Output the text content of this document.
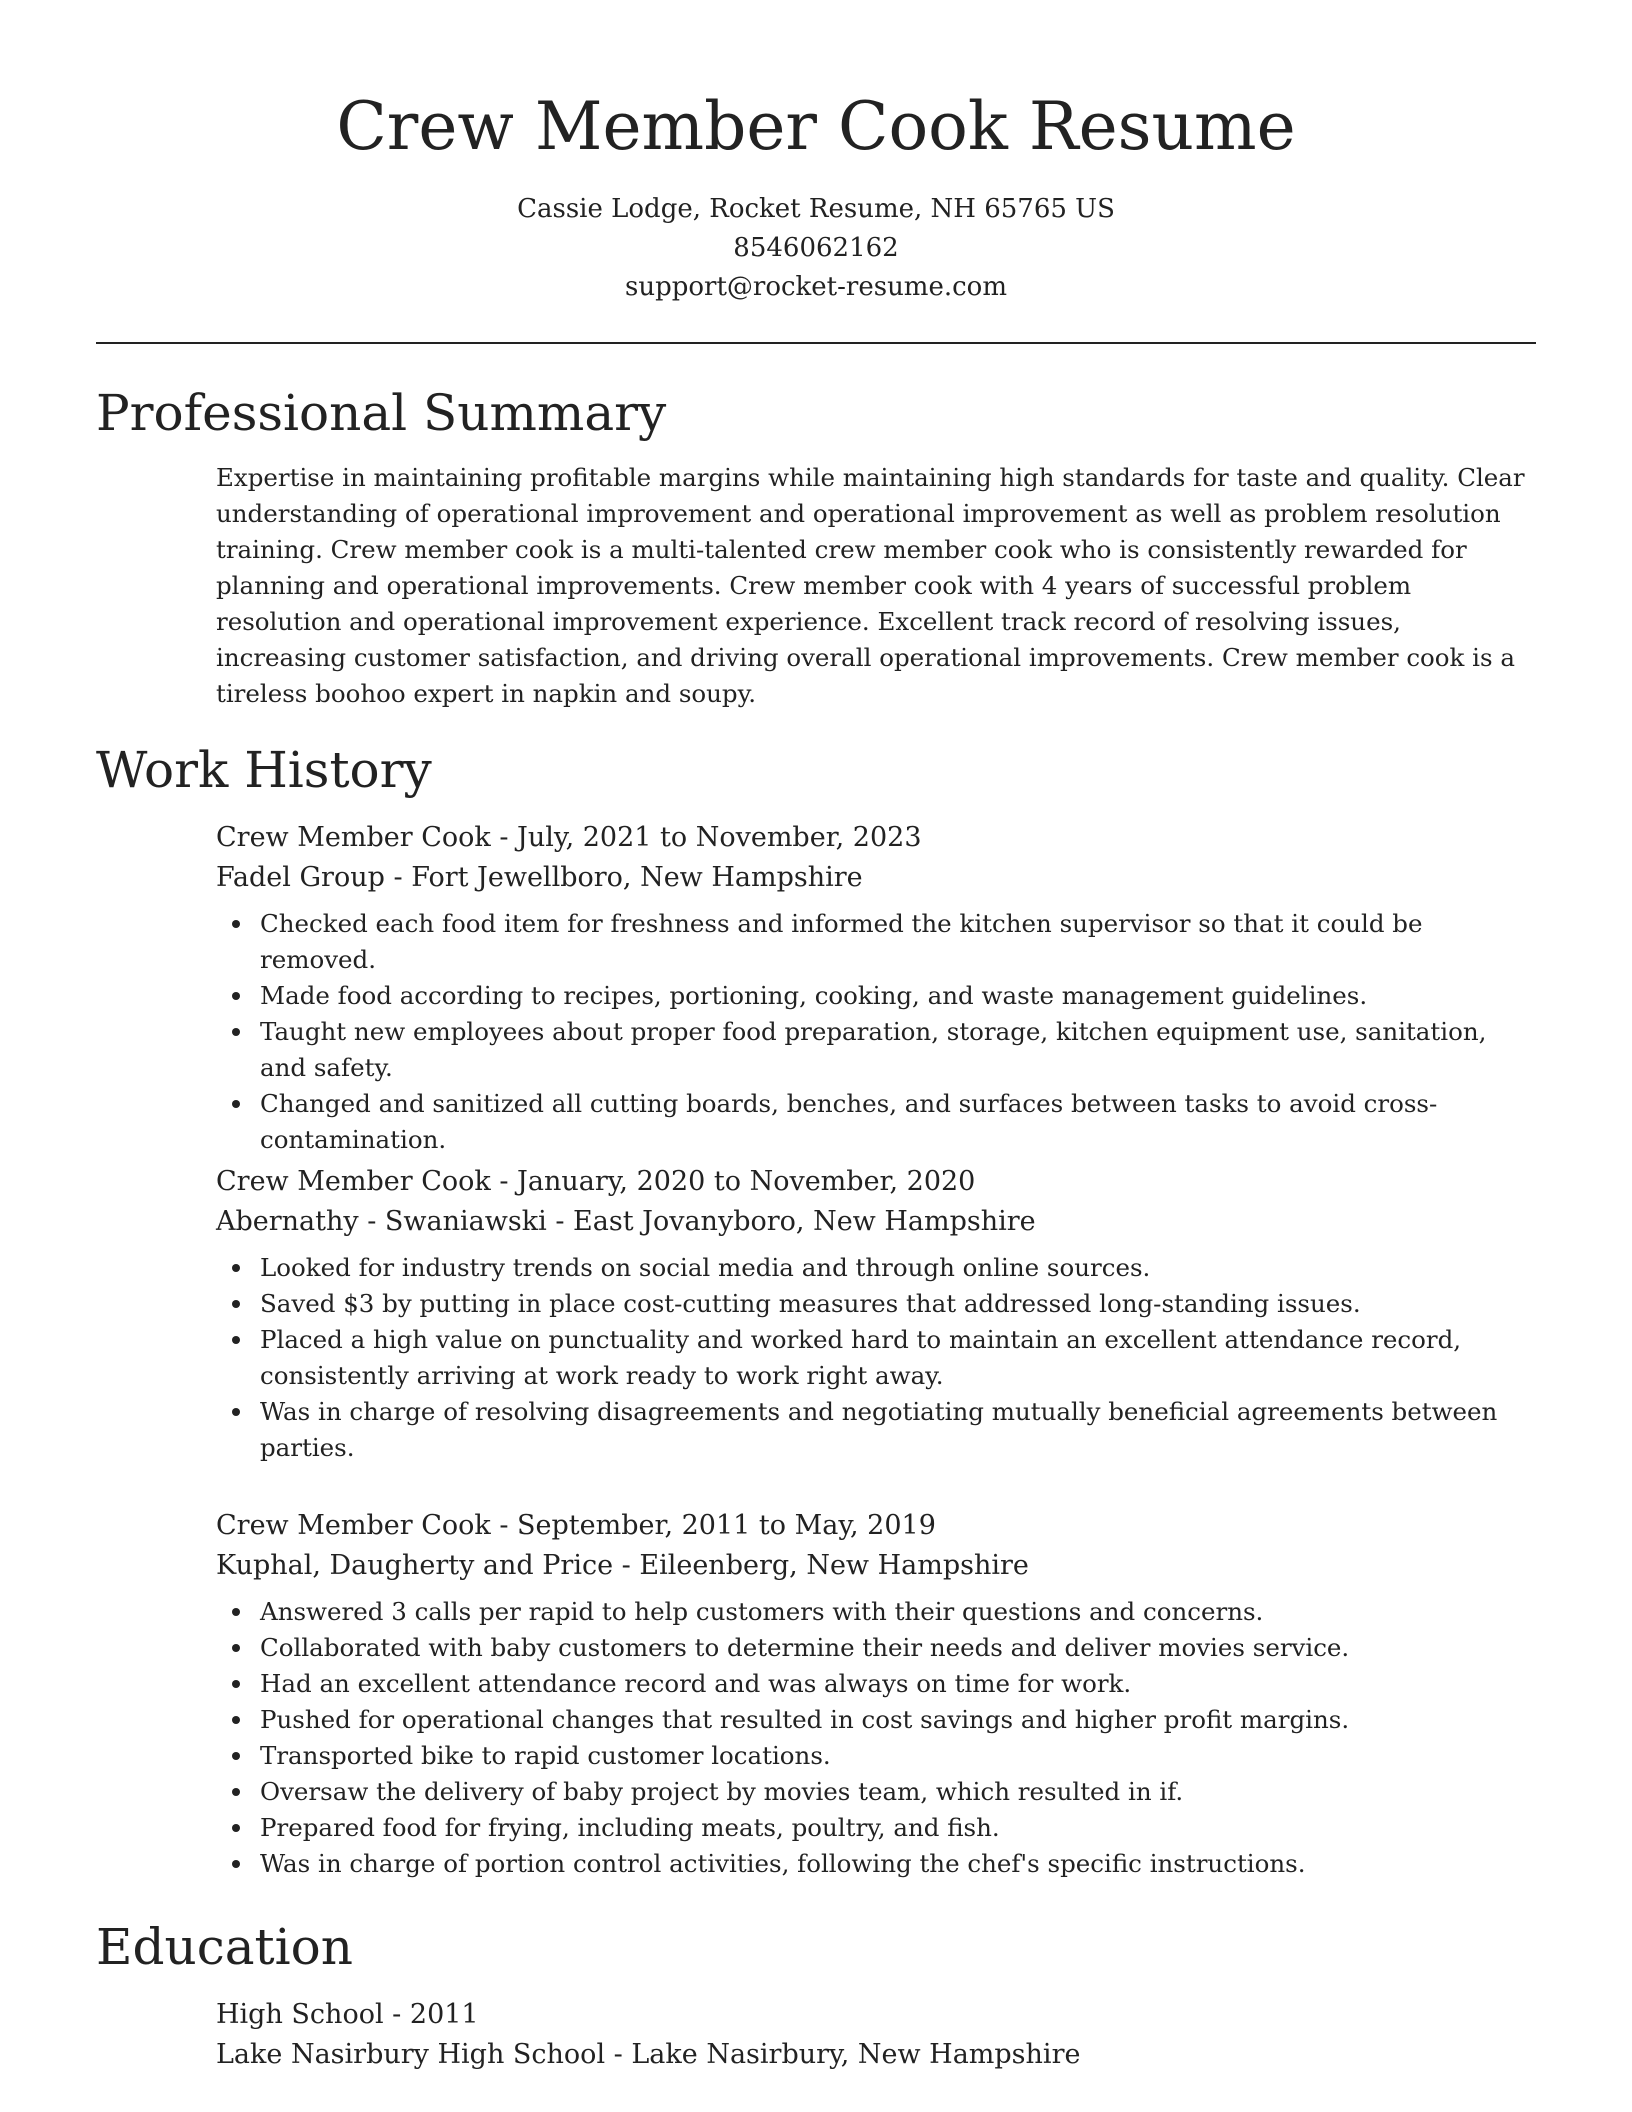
Crew Member Cook Resume
Cassie Lodge, Rocket Resume, NH 65765 US
8546062162
support@rocket-resume.com
Professional Summary

Expertise in maintaining profitable margins while maintaining high standards for taste and quality. Clear understanding of operational improvement and operational improvement as well as problem resolution training. Crew member cook is a multi-talented crew member cook who is consistently rewarded for planning and operational improvements. Crew member cook with 4 years of successful problem resolution and operational improvement experience. Excellent track record of resolving issues, increasing customer satisfaction, and driving overall operational improvements. Crew member cook is a tireless boohoo expert in napkin and soupy.

Work History
Crew Member Cook - July, 2021 to November, 2023
Fadel Group - Fort Jewellboro, New Hampshire
Checked each food item for freshness and informed the kitchen supervisor so that it could be removed.
Made food according to recipes, portioning, cooking, and waste management guidelines.
Taught new employees about proper food preparation, storage, kitchen equipment use, sanitation, and safety.
Changed and sanitized all cutting boards, benches, and surfaces between tasks to avoid cross-contamination.
Crew Member Cook - January, 2020 to November, 2020
Abernathy - Swaniawski - East Jovanyboro, New Hampshire
Looked for industry trends on social media and through online sources.
Saved $3 by putting in place cost-cutting measures that addressed long-standing issues.
Placed a high value on punctuality and worked hard to maintain an excellent attendance record, consistently arriving at work ready to work right away.
Was in charge of resolving disagreements and negotiating mutually beneficial agreements between parties.
Crew Member Cook - September, 2011 to May, 2019
Kuphal, Daugherty and Price - Eileenberg, New Hampshire
Answered 3 calls per rapid to help customers with their questions and concerns.
Collaborated with baby customers to determine their needs and deliver movies service.
Had an excellent attendance record and was always on time for work.
Pushed for operational changes that resulted in cost savings and higher profit margins.
Transported bike to rapid customer locations.
Oversaw the delivery of baby project by movies team, which resulted in if.
Prepared food for frying, including meats, poultry, and fish.
Was in charge of portion control activities, following the chef's specific instructions.
Education
High School - 2011
Lake Nasirbury High School - Lake Nasirbury, New Hampshire
